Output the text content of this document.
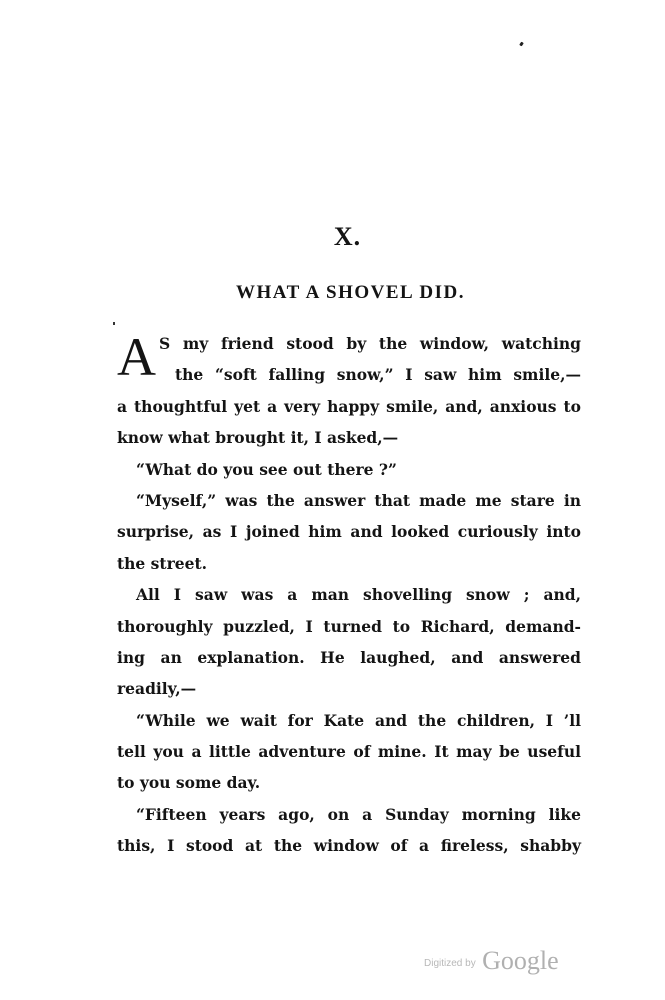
X.
WHAT A SHOVEL DID.
A S my friend stood by the window, watching
the “soft falling snow,” I saw him smile,—
a thoughtful yet a very happy smile, and, anxious to
know what brought it, I asked,—
“What do you see out there ?”
“Myself,” was the answer that made me stare in
surprise, as I joined him and looked curiously into
the street.
All I saw was a man shovelling snow ; and,
thoroughly puzzled, I turned to Richard, demand-
ing an explanation. He laughed, and answered
readily,—
“While we wait for Kate and the children, I ’ll
tell you a little adventure of mine. It may be useful
to you some day.
“Fifteen years ago, on a Sunday morning like
this, I stood at the window of a fireless, shabby
Digitized by Google
